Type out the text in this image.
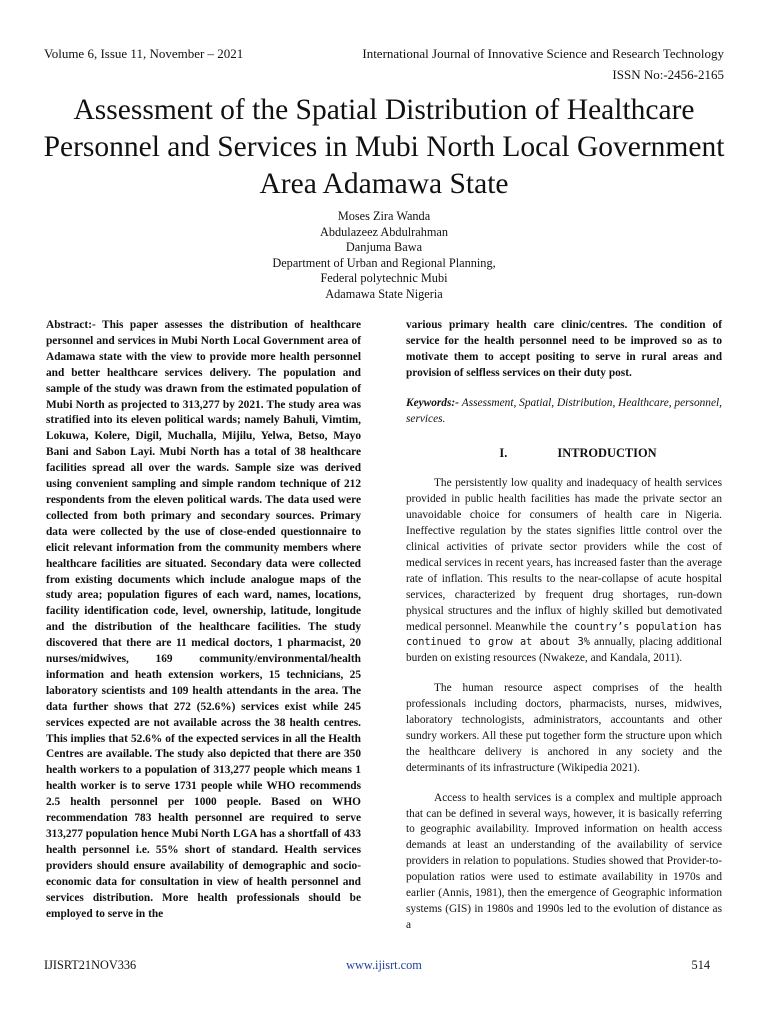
Volume 6, Issue 11, November – 2021	International Journal of Innovative Science and Research Technology
ISSN No:-2456-2165
Assessment of the Spatial Distribution of Healthcare Personnel and Services in Mubi North Local Government Area Adamawa State
Moses Zira Wanda
Abdulazeez Abdulrahman
Danjuma Bawa
Department of Urban and Regional Planning,
Federal polytechnic Mubi
Adamawa State Nigeria
Abstract:- This paper assesses the distribution of healthcare personnel and services in Mubi North Local Government area of Adamawa state with the view to provide more health personnel and better healthcare services delivery. The population and sample of the study was drawn from the estimated population of Mubi North as projected to 313,277 by 2021. The study area was stratified into its eleven political wards; namely Bahuli, Vimtim, Lokuwa, Kolere, Digil, Muchalla, Mijilu, Yelwa, Betso, Mayo Bani and Sabon Layi. Mubi North has a total of 38 healthcare facilities spread all over the wards. Sample size was derived using convenient sampling and simple random technique of 212 respondents from the eleven political wards. The data used were collected from both primary and secondary sources. Primary data were collected by the use of close-ended questionnaire to elicit relevant information from the community members where healthcare facilities are situated. Secondary data were collected from existing documents which include analogue maps of the study area; population figures of each ward, names, locations, facility identification code, level, ownership, latitude, longitude and the distribution of the healthcare facilities. The study discovered that there are 11 medical doctors, 1 pharmacist, 20 nurses/midwives, 169 community/environmental/health information and heath extension workers, 15 technicians, 25 laboratory scientists and 109 health attendants in the area. The data further shows that 272 (52.6%) services exist while 245 services expected are not available across the 38 health centres. This implies that 52.6% of the expected services in all the Health Centres are available. The study also depicted that there are 350 health workers to a population of 313,277 people which means 1 health worker is to serve 1731 people while WHO recommends 2.5 health personnel per 1000 people. Based on WHO recommendation 783 health personnel are required to serve 313,277 population hence Mubi North LGA has a shortfall of 433 health personnel i.e. 55% short of standard. Health services providers should ensure availability of demographic and socio-economic data for consultation in view of health personnel and services distribution. More health professionals should be employed to serve in the
various primary health care clinic/centres. The condition of service for the health personnel need to be improved so as to motivate them to accept positing to serve in rural areas and provision of selfless services on their duty post.
Keywords:- Assessment, Spatial, Distribution, Healthcare, personnel, services.
I.	INTRODUCTION
The persistently low quality and inadequacy of health services provided in public health facilities has made the private sector an unavoidable choice for consumers of health care in Nigeria. Ineffective regulation by the states signifies little control over the clinical activities of private sector providers while the cost of medical services in recent years, has increased faster than the average rate of inflation. This results to the near-collapse of acute hospital services, characterized by frequent drug shortages, run-down physical structures and the influx of highly skilled but demotivated medical personnel. Meanwhile the country’s population has continued to grow at about 3% annually, placing additional burden on existing resources (Nwakeze, and Kandala, 2011).
The human resource aspect comprises of the health professionals including doctors, pharmacists, nurses, midwives, laboratory technologists, administrators, accountants and other sundry workers. All these put together form the structure upon which the healthcare delivery is anchored in any society and the determinants of its infrastructure (Wikipedia 2021).
Access to health services is a complex and multiple approach that can be defined in several ways, however, it is basically referring to geographic availability. Improved information on health access demands at least an understanding of the availability of service providers in relation to populations. Studies showed that Provider-to-population ratios were used to estimate availability in 1970s and earlier (Annis, 1981), then the emergence of Geographic information systems (GIS) in 1980s and 1990s led to the evolution of distance as a
IJISRT21NOV336	www.ijisrt.com	514
